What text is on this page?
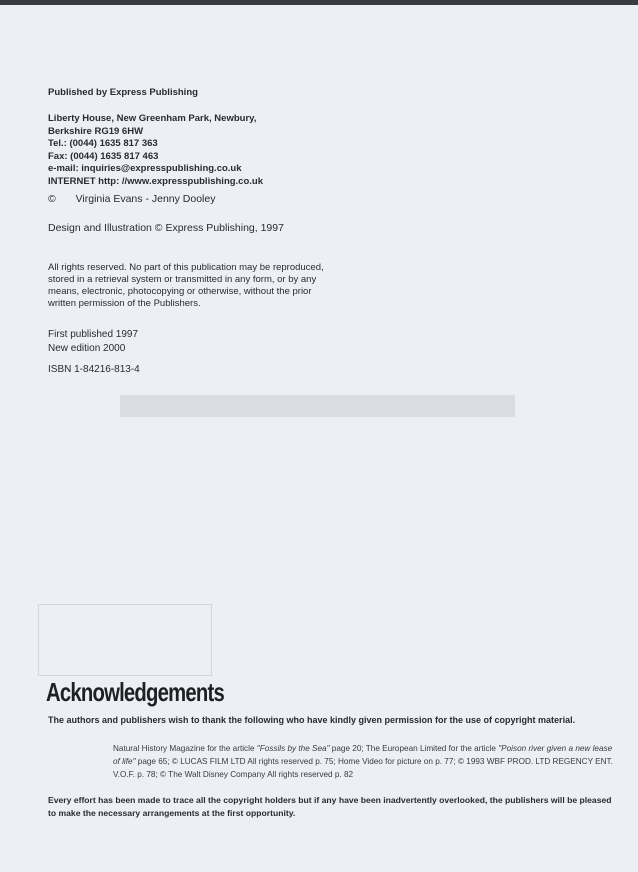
Published by Express Publishing
Liberty House, New Greenham Park, Newbury,
Berkshire RG19 6HW
Tel.: (0044) 1635 817 363
Fax: (0044) 1635 817 463
e-mail: inquiries@expresspublishing.co.uk
INTERNET http: //www.expresspublishing.co.uk
© Virginia Evans - Jenny Dooley
Design and Illustration © Express Publishing, 1997
All rights reserved. No part of this publication may be reproduced,
stored in a retrieval system or transmitted in any form, or by any
means, electronic, photocopying or otherwise, without the prior
written permission of the Publishers.
First published 1997
New edition 2000
ISBN 1-84216-813-4
Acknowledgements
The authors and publishers wish to thank the following who have kindly given permission for the use of copyright material.
Natural History Magazine for the article "Fossils by the Sea" page 20; The European Limited for the article "Poison river given a new lease of life" page 65; © LUCAS FILM LTD All rights reserved p. 75; Home Video for picture on p. 77; © 1993 WBF PROD. LTD REGENCY ENT. V.O.F. p. 78; © The Walt Disney Company All rights reserved p. 82
Every effort has been made to trace all the copyright holders but if any have been inadvertently overlooked, the publishers will be pleased to make the necessary arrangements at the first opportunity.
